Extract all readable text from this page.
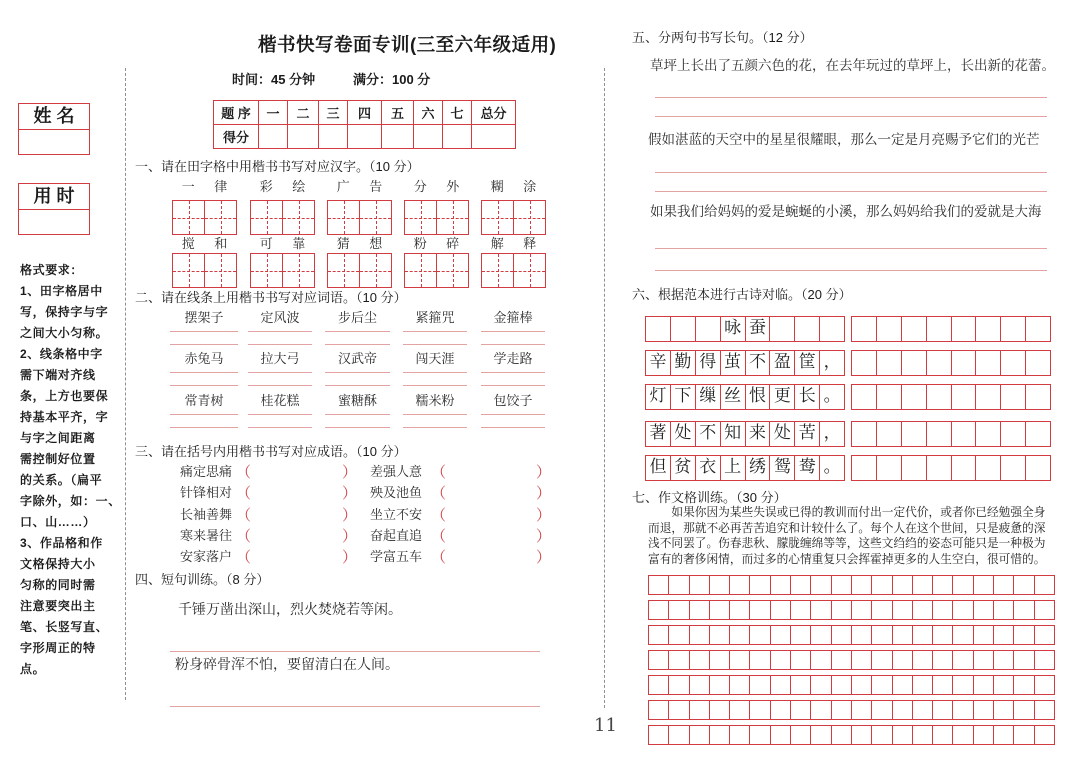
楷书快写卷面专训(三至六年级适用)
时间：45 分钟	满分：100 分
题 序	一	二	三	四	五	六	七	总分
得分								
姓 名
用 时
格式要求：
1、田字格居中
写，保持字与字
之间大小匀称。
2、线条格中字
需下端对齐线
条，上方也要保
持基本平齐，字
与字之间距离
需控制好位置
的关系。（扁平
字除外，如：一、
口、山……）
3、作品格和作
文格保持大小
匀称的同时需
注意要突出主
笔、长竖写直、
字形周正的特
点。
一、请在田字格中用楷书书写对应汉字。（10 分）
二、请在线条上用楷书书写对应词语。（10 分）
三、请在括号内用楷书书写对应成语。（10 分）
四、短句训练。（8 分）
五、分两句书写长句。（12 分）
六、根据范本进行古诗对临。（20 分）
七、作文格训练。（30 分）
一	律	彩	绘	广	告	分	外	糊	涂
搅	和	可	靠	猜	想	粉	碎	解	释
摆架子	定风波	步后尘	紧箍咒	金箍棒
赤兔马	拉大弓	汉武帝	闯天涯	学走路
常青树	桂花糕	蜜糖酥	糯米粉	包饺子
痛定思痛 （	）
针锋相对 （	）
长袖善舞 （	）
寒来暑往 （	）
安家落户 （	）
差强人意 （	）
殃及池鱼 （	）
坐立不安 （	）
奋起直追 （	）
学富五车 （	）
千锤万凿出深山，烈火焚烧若等闲。
粉身碎骨浑不怕，要留清白在人间。
草坪上长出了五颜六色的花，在去年玩过的草坪上，长出新的花蕾。
假如湛蓝的天空中的星星很耀眼，那么一定是月亮赐予它们的光芒
如果我们给妈妈的爱是蜿蜒的小溪，那么妈妈给我们的爱就是大海
咏 蚕
辛 勤 得 茧 不 盈 筐 ，
灯 下 缫 丝 恨 更 长 。
著 处 不 知 来 处 苦 ，
但 贫 衣 上 绣 鸳 鸯 。
如果你因为某些失误或已得的教训而付出一定代价，或者你已经勉强全身而退，那就不必再苦苦追究和计较什么了。每个人在这个世间，只是疲惫的深浅不同罢了。伤春悲秋、朦胧缠绵等等，这些文绉绉的姿态可能只是一种极为富有的奢侈闲情，而过多的心情重复只会挥霍掉更多的人生空白，很可惜的。
11
